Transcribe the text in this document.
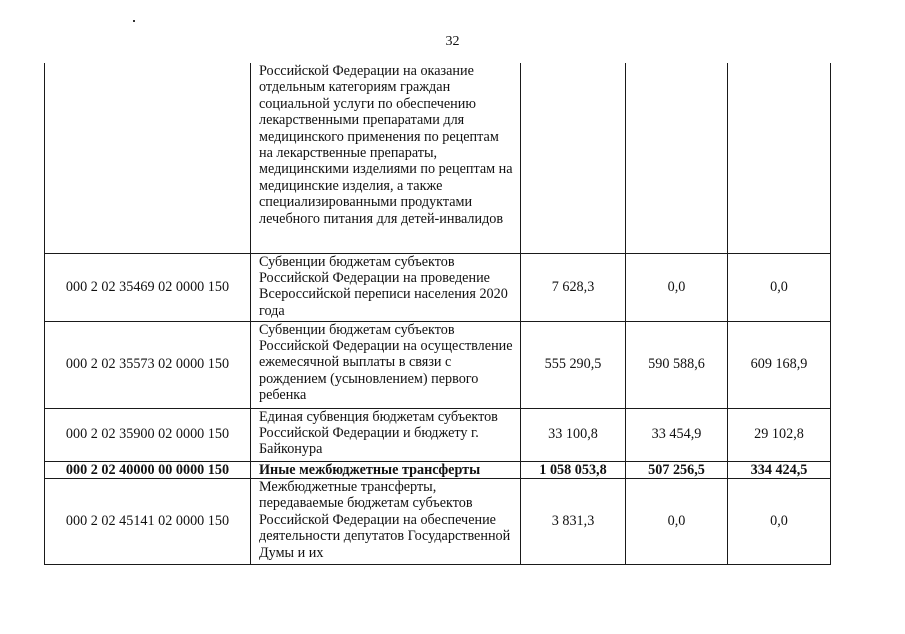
32
	Российской Федерации на оказание отдельным категориям граждан социальной услуги по обеспечению лекарственными препаратами для медицинского применения по рецептам на лекарственные препараты, медицинскими изделиями по рецептам на медицинские изделия, а также специализированными продуктами лечебного питания для детей-инвалидов			
000 2 02 35469 02 0000 150	Субвенции бюджетам субъектов Российской Федерации на проведение Всероссийской переписи населения 2020 года	7 628,3	0,0	0,0
000 2 02 35573 02 0000 150	Субвенции бюджетам субъектов Российской Федерации на осуществление ежемесячной выплаты в связи с рождением (усыновлением) первого ребенка	555 290,5	590 588,6	609 168,9
000 2 02 35900 02 0000 150	Единая субвенция бюджетам субъектов Российской Федерации и бюджету г. Байконура	33 100,8	33 454,9	29 102,8
000 2 02 40000 00 0000 150	Иные межбюджетные трансферты	1 058 053,8	507 256,5	334 424,5
000 2 02 45141 02 0000 150	Межбюджетные трансферты, передаваемые бюджетам субъектов Российской Федерации на обеспечение деятельности депутатов Государственной Думы и их	3 831,3	0,0	0,0
